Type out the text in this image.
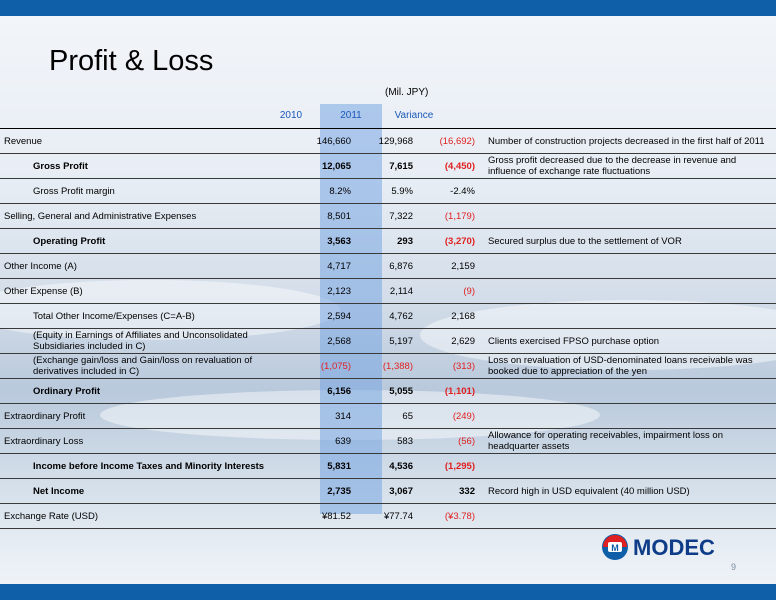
Profit & Loss
(Mil. JPY)
2010	2011	Variance
Revenue	146,660	129,968	(16,692)	Number of construction projects decreased in the first half of 2011
Gross Profit	12,065	7,615	(4,450)	Gross profit decreased due to the decrease in revenue and influence of exchange rate fluctuations
Gross Profit margin	8.2%	5.9%	-2.4%	
Selling, General and Administrative Expenses	8,501	7,322	(1,179)	
Operating Profit	3,563	293	(3,270)	Secured surplus due to the settlement of VOR
Other Income (A)	4,717	6,876	2,159	
Other Expense (B)	2,123	2,114	(9)	
Total Other Income/Expenses (C=A-B)	2,594	4,762	2,168	
(Equity in Earnings of Affiliates and Unconsolidated Subsidiaries included in C)	2,568	5,197	2,629	Clients exercised FPSO purchase option
(Exchange gain/loss and Gain/loss on revaluation of derivatives included in C)	(1,075)	(1,388)	(313)	Loss on revaluation of USD-denominated loans receivable was booked due to appreciation of the yen
Ordinary Profit	6,156	5,055	(1,101)	
Extraordinary Profit	314	65	(249)	
Extraordinary Loss	639	583	(56)	Allowance for operating receivables, impairment loss on headquarter assets
Income before Income Taxes and Minority Interests	5,831	4,536	(1,295)	
Net Income	2,735	3,067	332	Record high in USD equivalent (40 million USD)
Exchange Rate (USD)	¥81.52	¥77.74	(¥3.78)	
M MODEC
9
